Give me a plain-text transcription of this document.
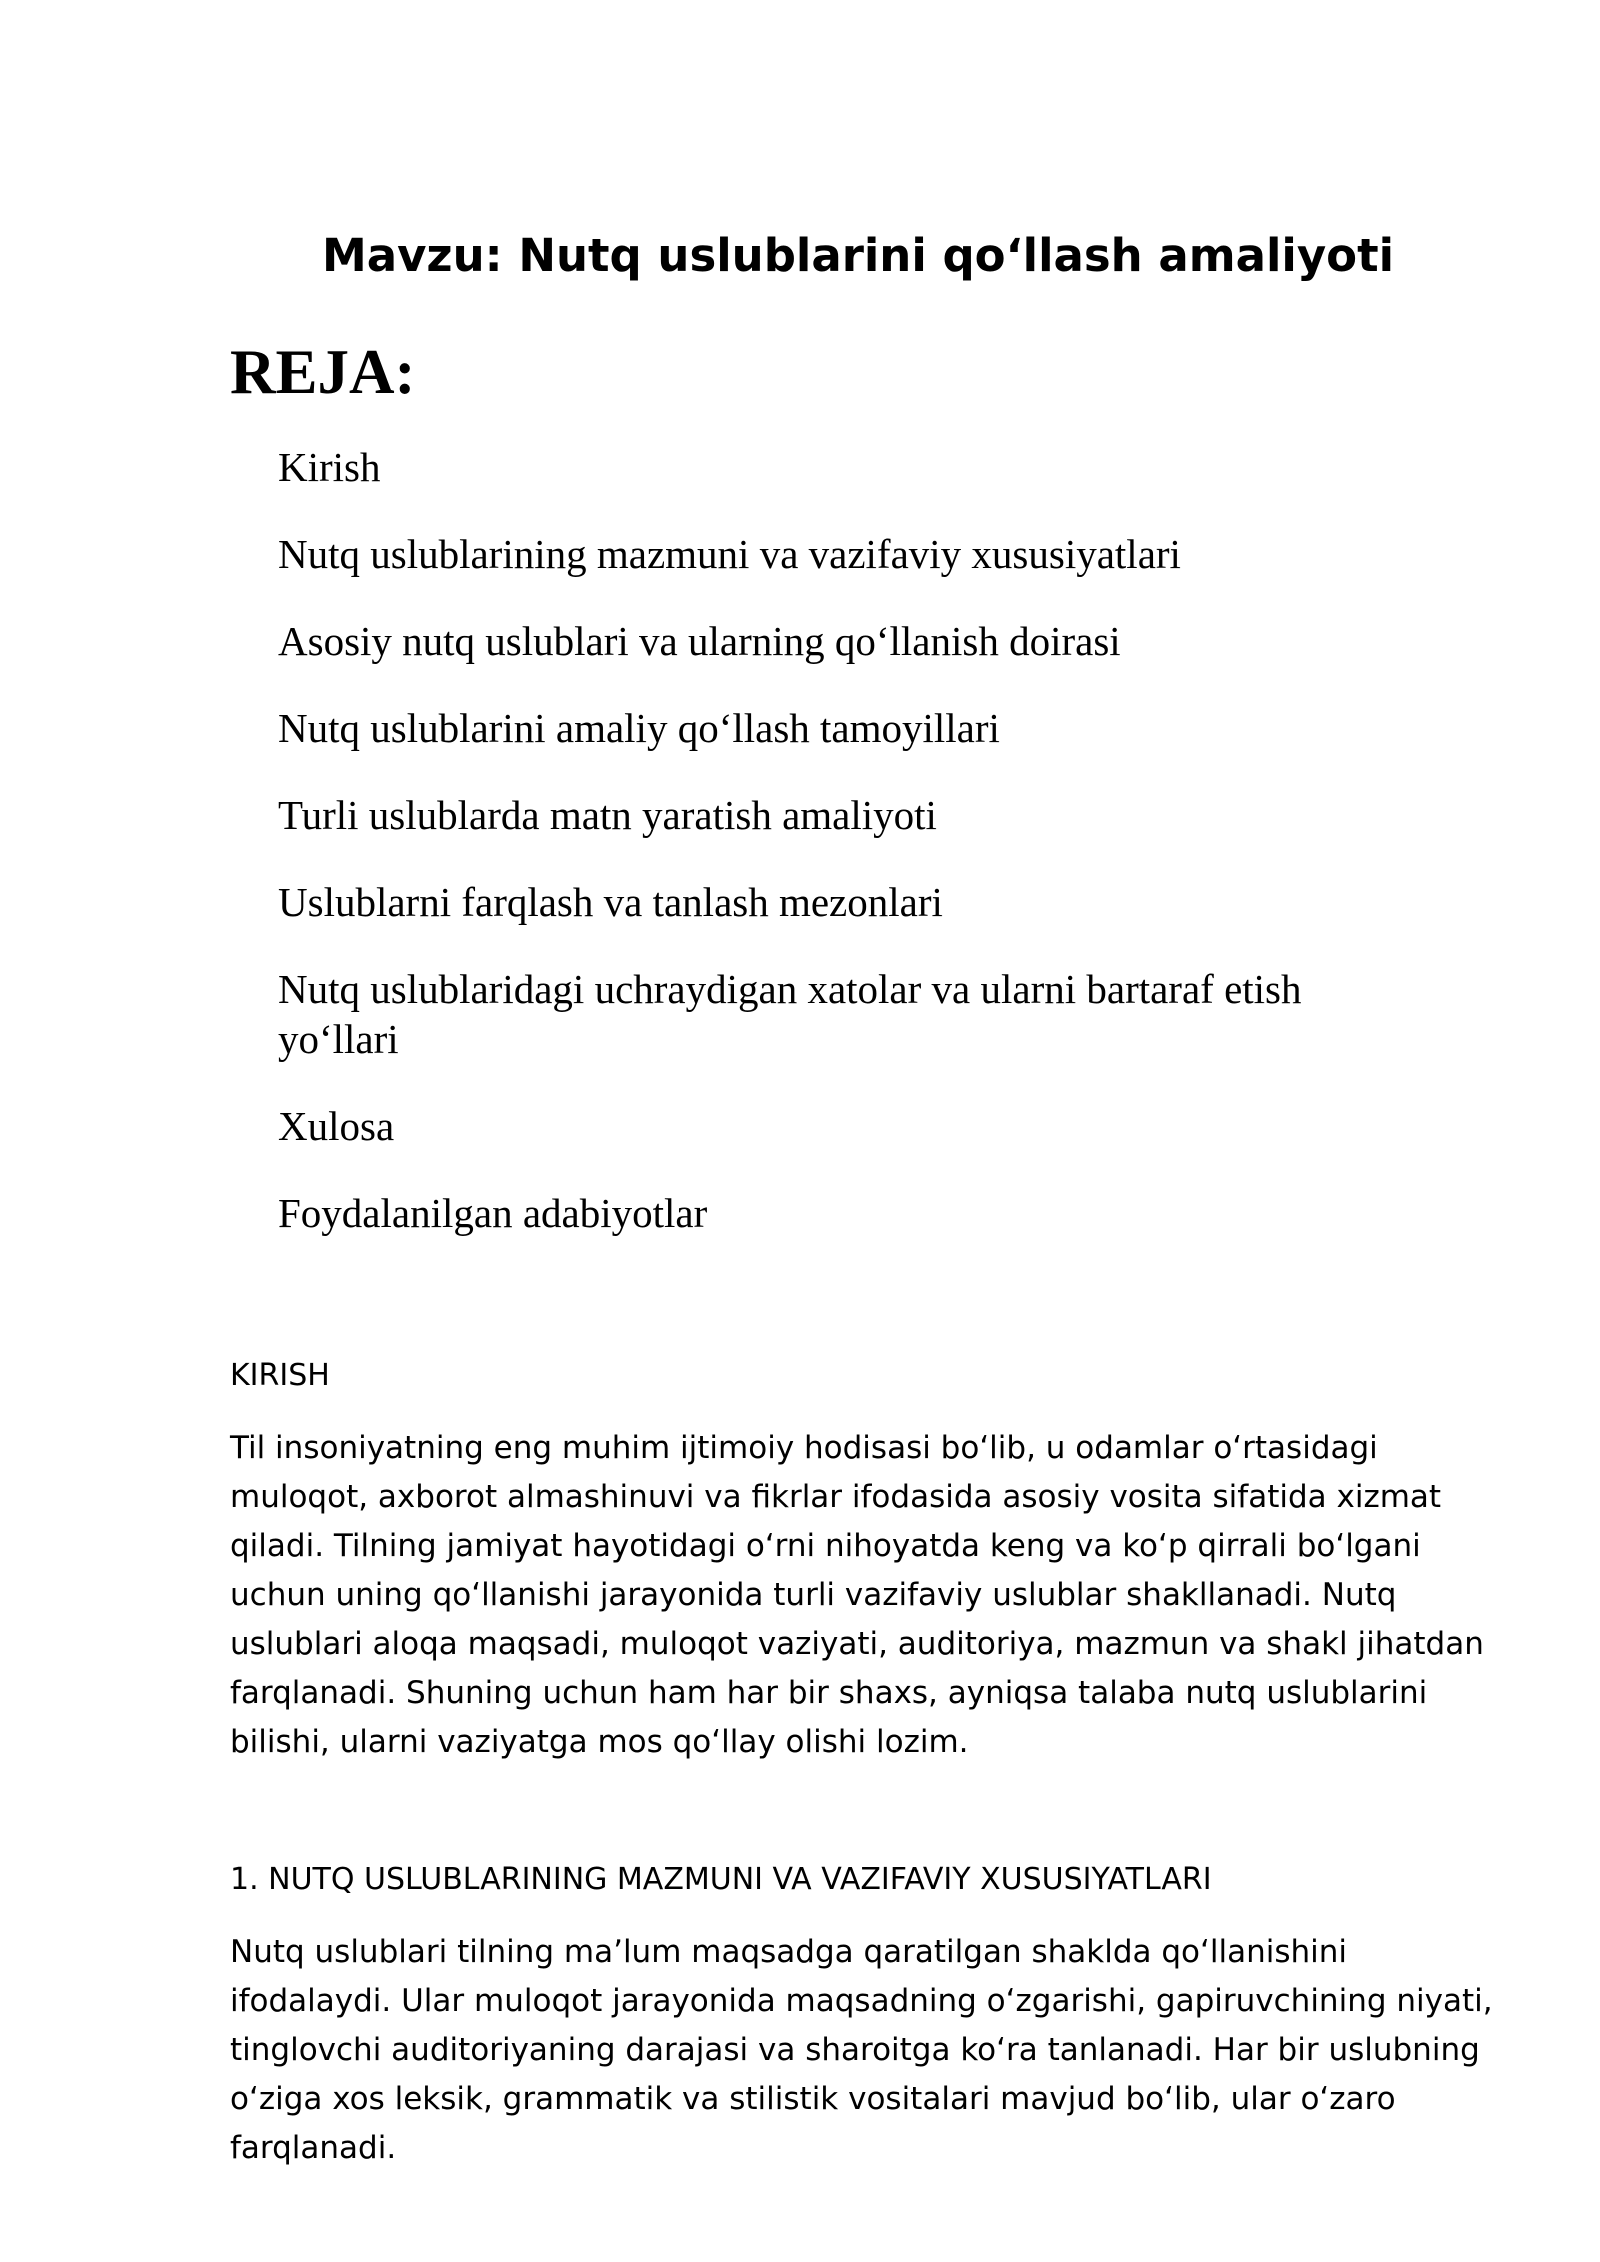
Mavzu: Nutq uslublarini qo‘llash amaliyoti
REJA:
Kirish
Nutq uslublarining mazmuni va vazifaviy xususiyatlari
Asosiy nutq uslublari va ularning qo‘llanish doirasi
Nutq uslublarini amaliy qo‘llash tamoyillari
Turli uslublarda matn yaratish amaliyoti
Uslublarni farqlash va tanlash mezonlari
Nutq uslublaridagi uchraydigan xatolar va ularni bartaraf etish yo‘llari
Xulosa
Foydalanilgan adabiyotlar
KIRISH

Til insoniyatning eng muhim ijtimoiy hodisasi bo‘lib, u odamlar o‘rtasidagi muloqot, axborot almashinuvi va fikrlar ifodasida asosiy vosita sifatida xizmat qiladi. Tilning jamiyat hayotidagi o‘rni nihoyatda keng va ko‘p qirrali bo‘lgani uchun uning qo‘llanishi jarayonida turli vazifaviy uslublar shakllanadi. Nutq uslublari aloqa maqsadi, muloqot vaziyati, auditoriya, mazmun va shakl jihatdan farqlanadi. Shuning uchun ham har bir shaxs, ayniqsa talaba nutq uslublarini bilishi, ularni vaziyatga mos qo‘llay olishi lozim.

1. NUTQ USLUBLARINING MAZMUNI VA VAZIFAVIY XUSUSIYATLARI

Nutq uslublari tilning ma’lum maqsadga qaratilgan shaklda qo‘llanishini ifodalaydi. Ular muloqot jarayonida maqsadning o‘zgarishi, gapiruvchining niyati, tinglovchi auditoriyaning darajasi va sharoitga ko‘ra tanlanadi. Har bir uslubning o‘ziga xos leksik, grammatik va stilistik vositalari mavjud bo‘lib, ular o‘zaro farqlanadi.
